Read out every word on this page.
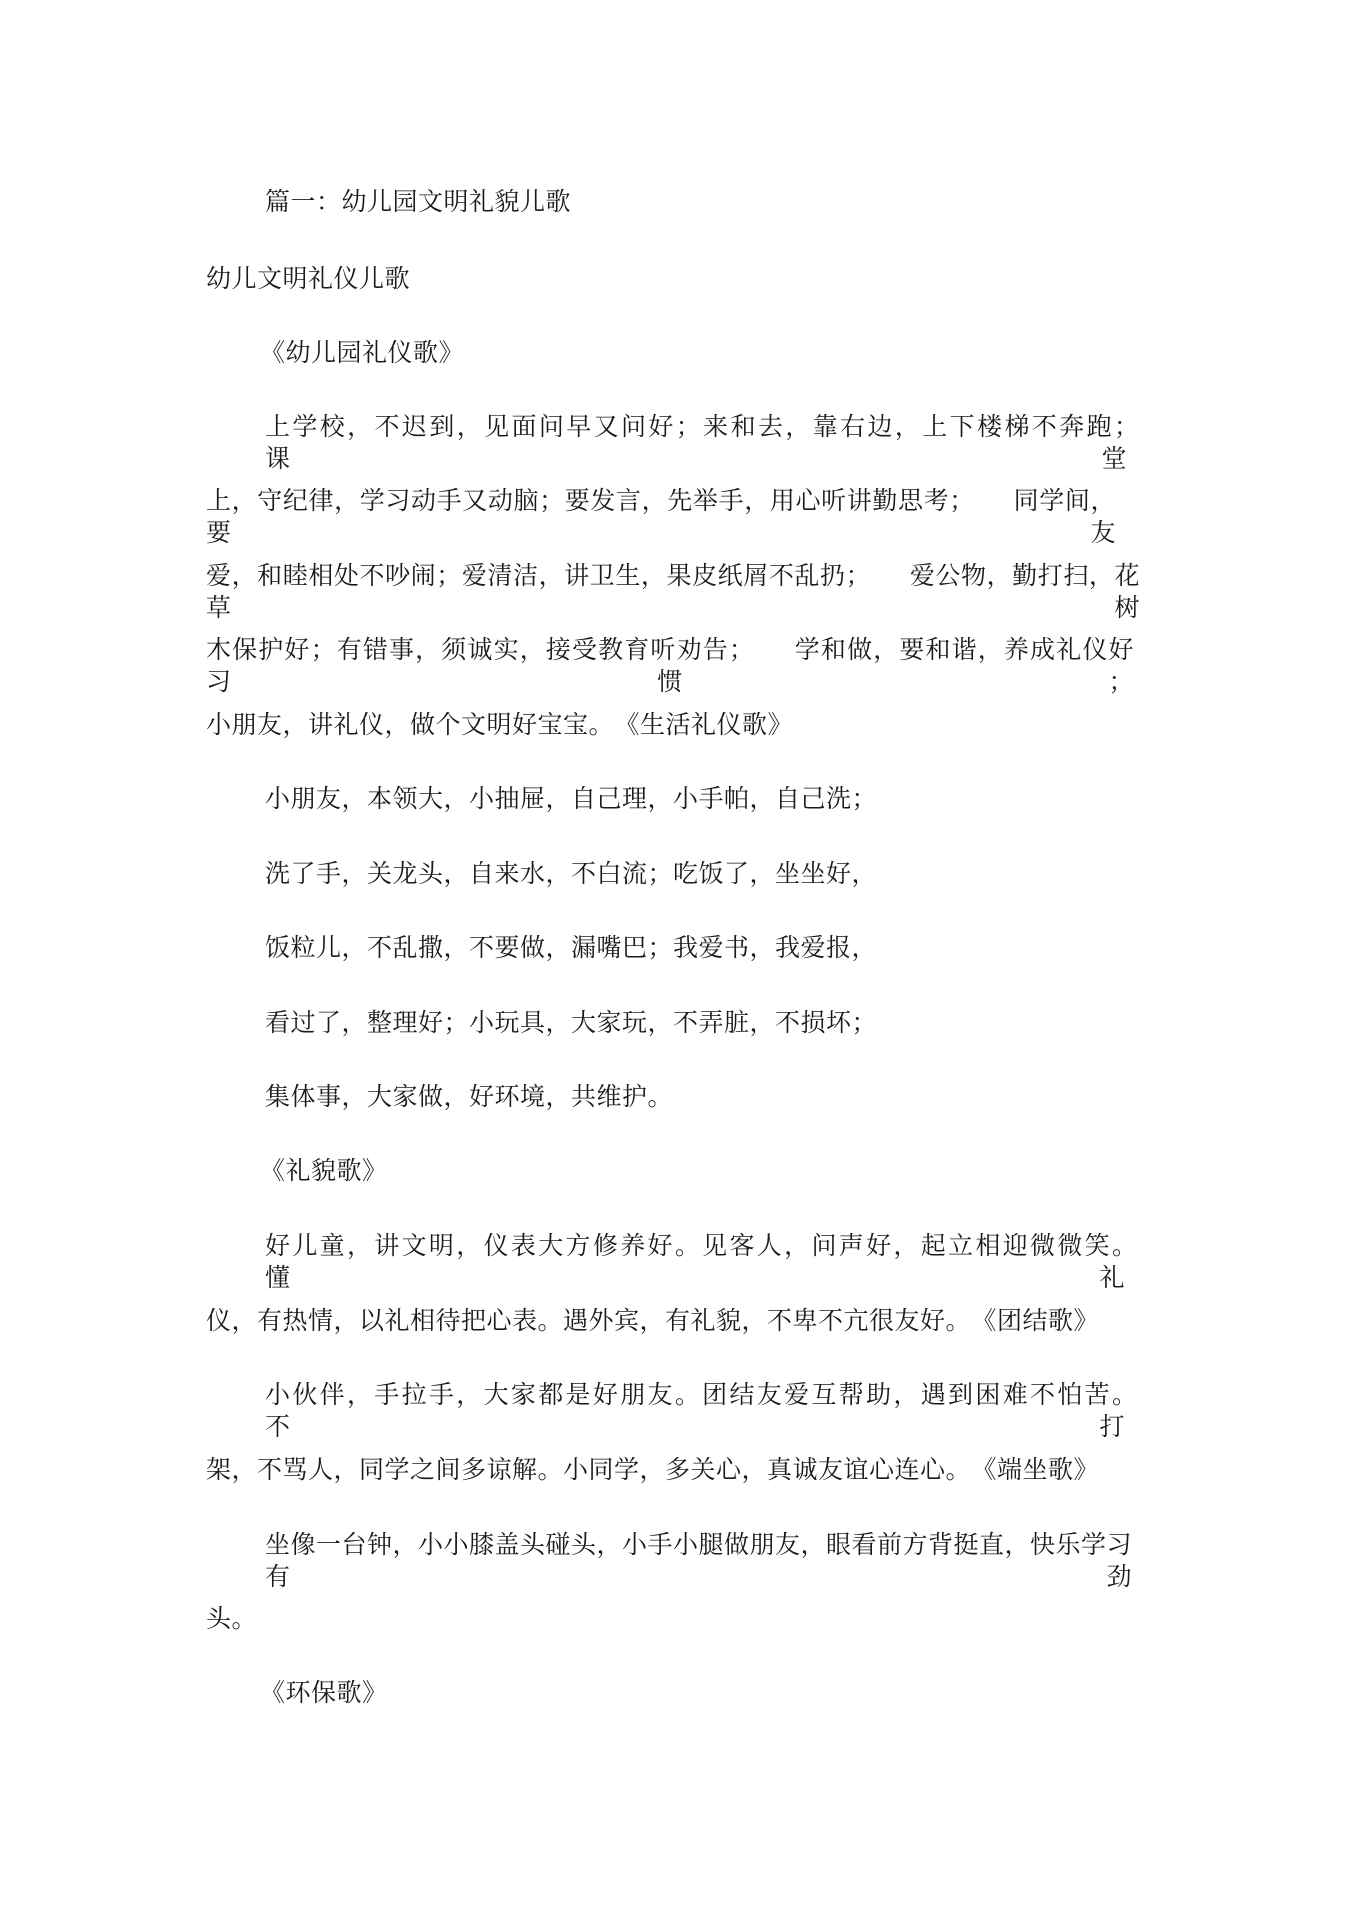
篇一：幼儿园文明礼貌儿歌
幼儿文明礼仪儿歌
《幼儿园礼仪歌》
上学校，不迟到，见面问早又问好；来和去，靠右边，上下楼梯不奔跑；　　课堂
上，守纪律，学习动手又动脑；要发言，先举手，用心听讲勤思考；　　同学间，要友
爱，和睦相处不吵闹；爱清洁，讲卫生，果皮纸屑不乱扔；　　爱公物，勤打扫，花草树
木保护好；有错事，须诚实，接受教育听劝告；　　学和做，要和谐，养成礼仪好习惯；
小朋友，讲礼仪，做个文明好宝宝。　《生活礼仪歌》
小朋友，本领大，小抽屉，自己理，小手帕，自己洗；
洗了手，关龙头，自来水，不白流；吃饭了，坐坐好，
饭粒儿，不乱撒，不要做，漏嘴巴；我爱书，我爱报，
看过了，整理好；小玩具，大家玩，不弄脏，不损坏；
集体事，大家做，好环境，共维护。
《礼貌歌》
好儿童，讲文明，仪表大方修养好。见客人，问声好，起立相迎微微笑。　　懂礼
仪，有热情，以礼相待把心表。遇外宾，有礼貌，不卑不亢很友好。　《团结歌》
小伙伴，手拉手，大家都是好朋友。团结友爱互帮助，遇到困难不怕苦。　　不打
架，不骂人，同学之间多谅解。小同学，多关心，真诚友谊心连心。　《端坐歌》
坐像一台钟，小小膝盖头碰头，小手小腿做朋友，眼看前方背挺直，快乐学习有劲
头。
《环保歌》
